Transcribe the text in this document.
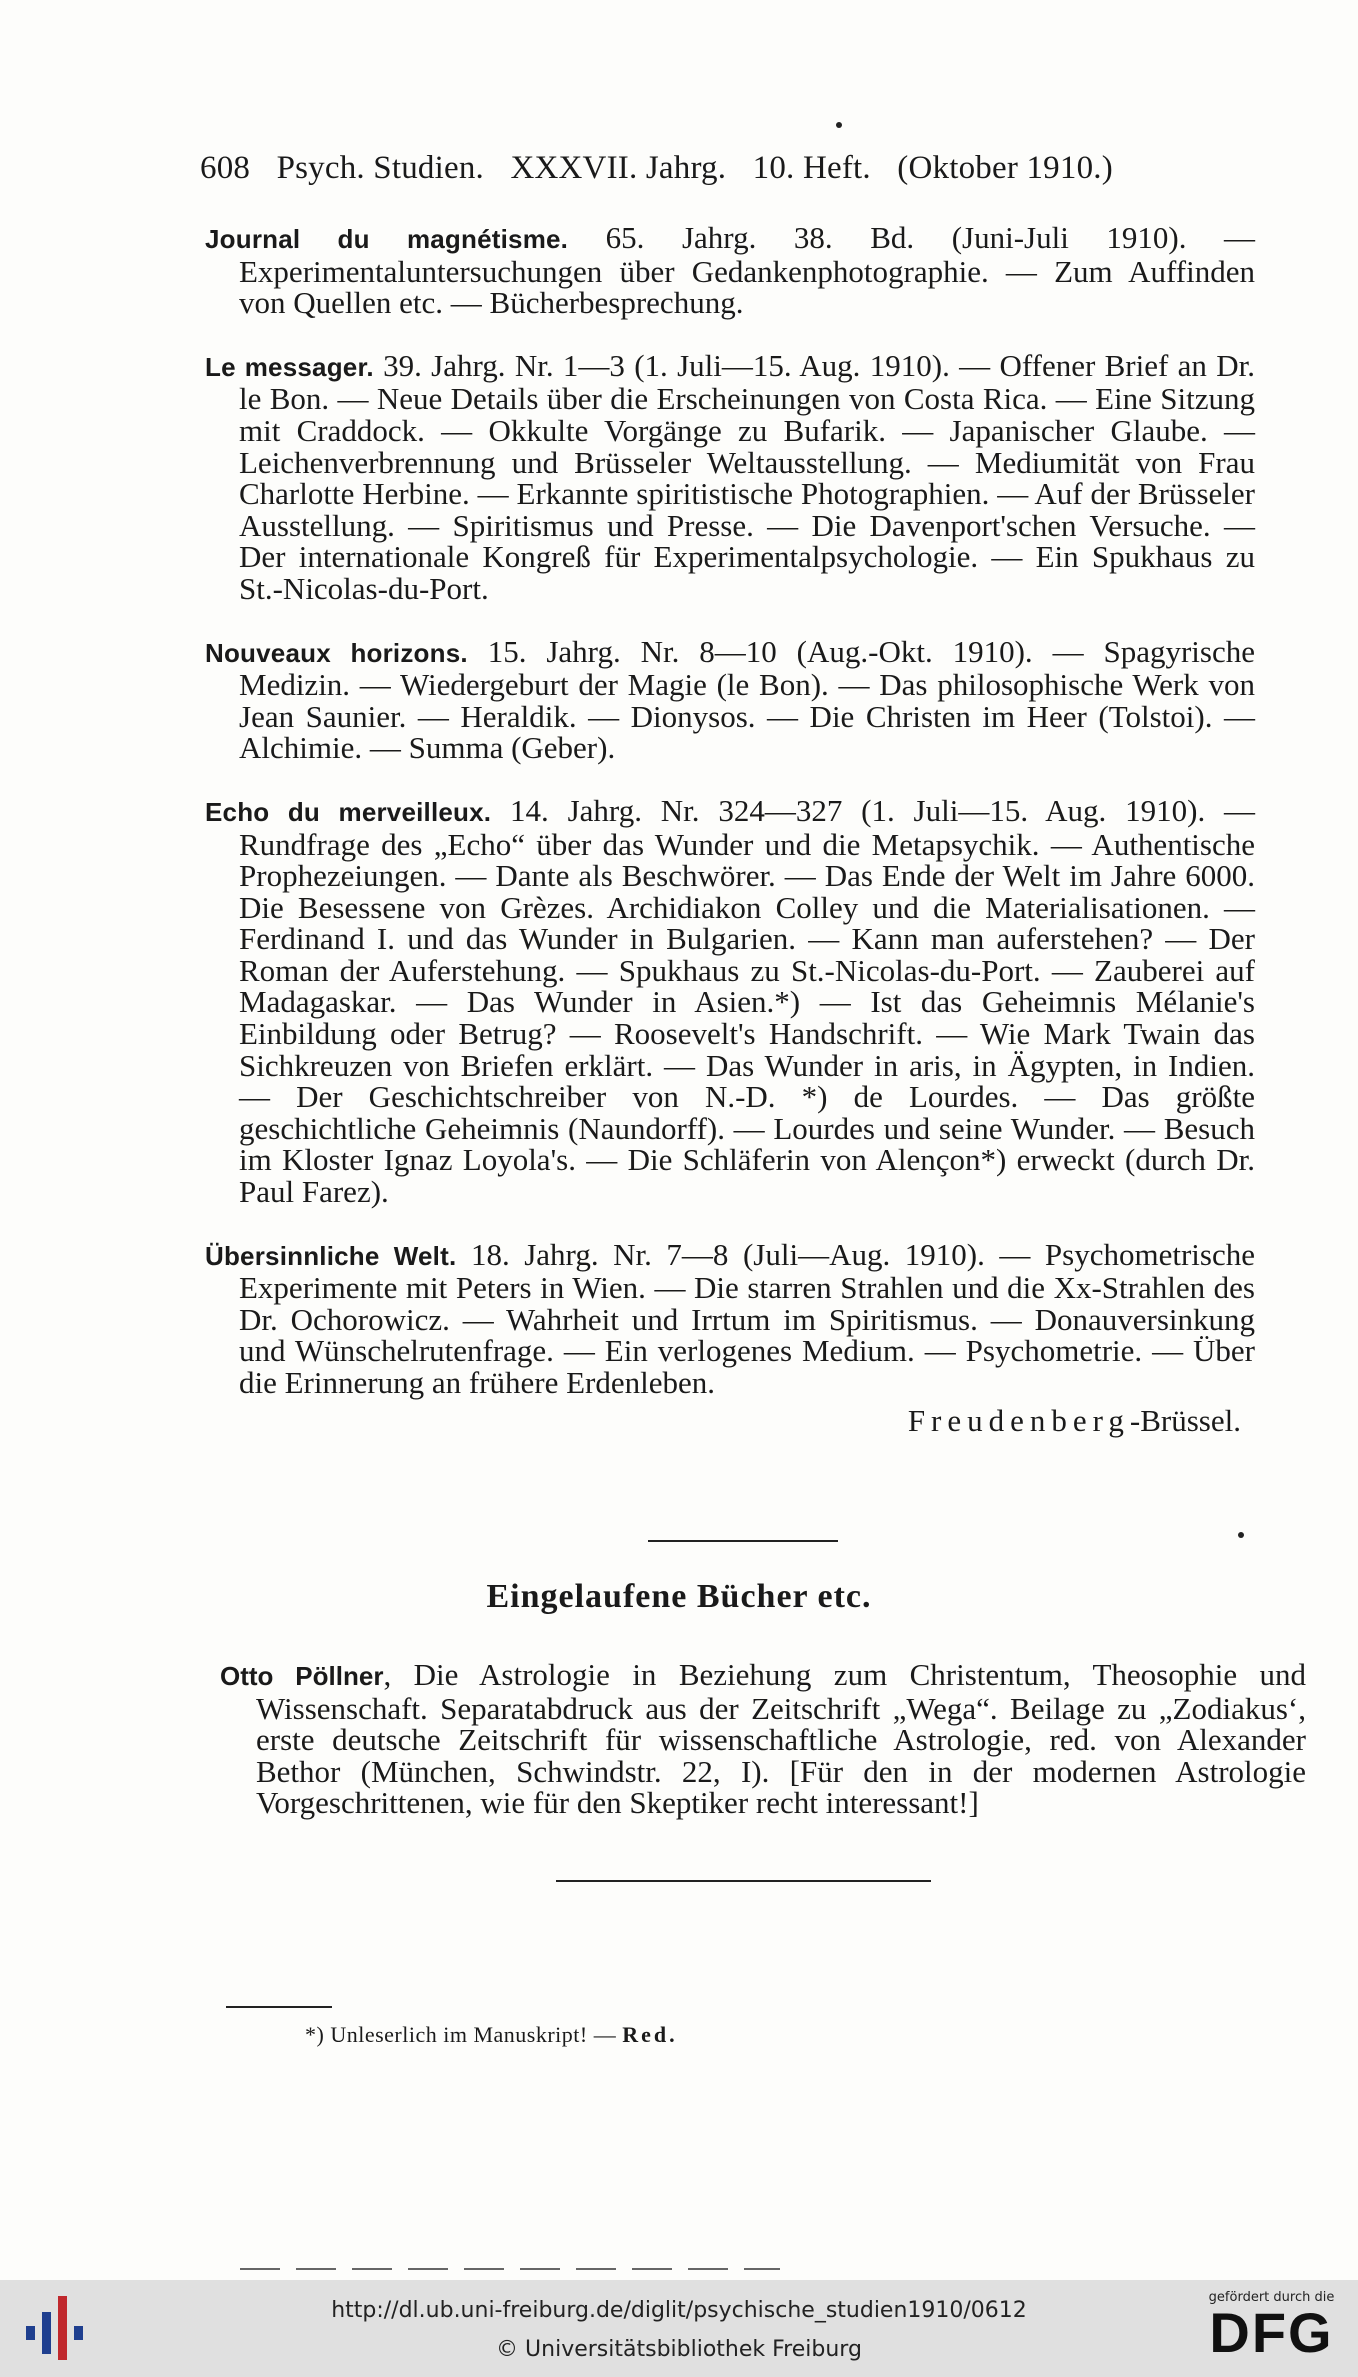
608 Psych. Studien. XXXVII. Jahrg. 10. Heft. (Oktober 1910.)

Journal du magnétisme. 65. Jahrg. 38. Bd. (Juni-Juli 1910). — Experimentaluntersuchungen über Gedankenphotographie. — Zum Auffinden von Quellen etc. — Bücherbesprechung.

Le messager. 39. Jahrg. Nr. 1—3 (1. Juli—15. Aug. 1910). — Offener Brief an Dr. le Bon. — Neue Details über die Erscheinungen von Costa Rica. — Eine Sitzung mit Craddock. — Okkulte Vorgänge zu Bufarik. — Japanischer Glaube. — Leichenverbrennung und Brüsseler Weltausstellung. — Mediumität von Frau Charlotte Herbine. — Erkannte spiritistische Photographien. — Auf der Brüsseler Ausstellung. — Spiritismus und Presse. — Die Davenport'schen Versuche. — Der internationale Kongreß für Experimentalpsychologie. — Ein Spukhaus zu St.-Nicolas-du-Port.

Nouveaux horizons. 15. Jahrg. Nr. 8—10 (Aug.-Okt. 1910). — Spagyrische Medizin. — Wiedergeburt der Magie (le Bon). — Das philosophische Werk von Jean Saunier. — Heraldik. — Dionysos. — Die Christen im Heer (Tolstoi). — Alchimie. — Summa (Geber).

Echo du merveilleux. 14. Jahrg. Nr. 324—327 (1. Juli—15. Aug. 1910). — Rundfrage des „Echo“ über das Wunder und die Metapsychik. — Authentische Prophezeiungen. — Dante als Beschwörer. — Das Ende der Welt im Jahre 6000. Die Besessene von Grèzes. Archidiakon Colley und die Materialisationen. — Ferdinand I. und das Wunder in Bulgarien. — Kann man auferstehen? — Der Roman der Auferstehung. — Spukhaus zu St.-Nicolas-du-Port. — Zauberei auf Madagaskar. — Das Wunder in Asien.*) — Ist das Geheimnis Mélanie's Einbildung oder Betrug? — Roosevelt's Handschrift. — Wie Mark Twain das Sichkreuzen von Briefen erklärt. — Das Wunder in aris, in Ägypten, in Indien. — Der Geschichtschreiber von N.-D. *) de Lourdes. — Das größte geschichtliche Geheimnis (Naundorff). — Lourdes und seine Wunder. — Besuch im Kloster Ignaz Loyola's. — Die Schläferin von Alençon*) erweckt (durch Dr. Paul Farez).

Übersinnliche Welt. 18. Jahrg. Nr. 7—8 (Juli—Aug. 1910). — Psychometrische Experimente mit Peters in Wien. — Die starren Strahlen und die Xx-Strahlen des Dr. Ochorowicz. — Wahrheit und Irrtum im Spiritismus. — Donauversinkung und Wünschelrutenfrage. — Ein verlogenes Medium. — Psychometrie. — Über die Erinnerung an frühere Erdenleben.

Freudenberg-Brüssel.
Eingelaufene Bücher etc.

Otto Pöllner, Die Astrologie in Beziehung zum Christentum, Theosophie und Wissenschaft. Separatabdruck aus der Zeitschrift „Wega“. Beilage zu „Zodiakus‘, erste deutsche Zeitschrift für wissenschaftliche Astrologie, red. von Alexander Bethor (München, Schwindstr. 22, I). [Für den in der modernen Astrologie Vorgeschrittenen, wie für den Skeptiker recht interessant!]

*) Unleserlich im Manuskript! — Red.
http://dl.ub.uni-freiburg.de/diglit/psychische_studien1910/0612
© Universitätsbibliothek Freiburg
gefördert durch die
DFG
